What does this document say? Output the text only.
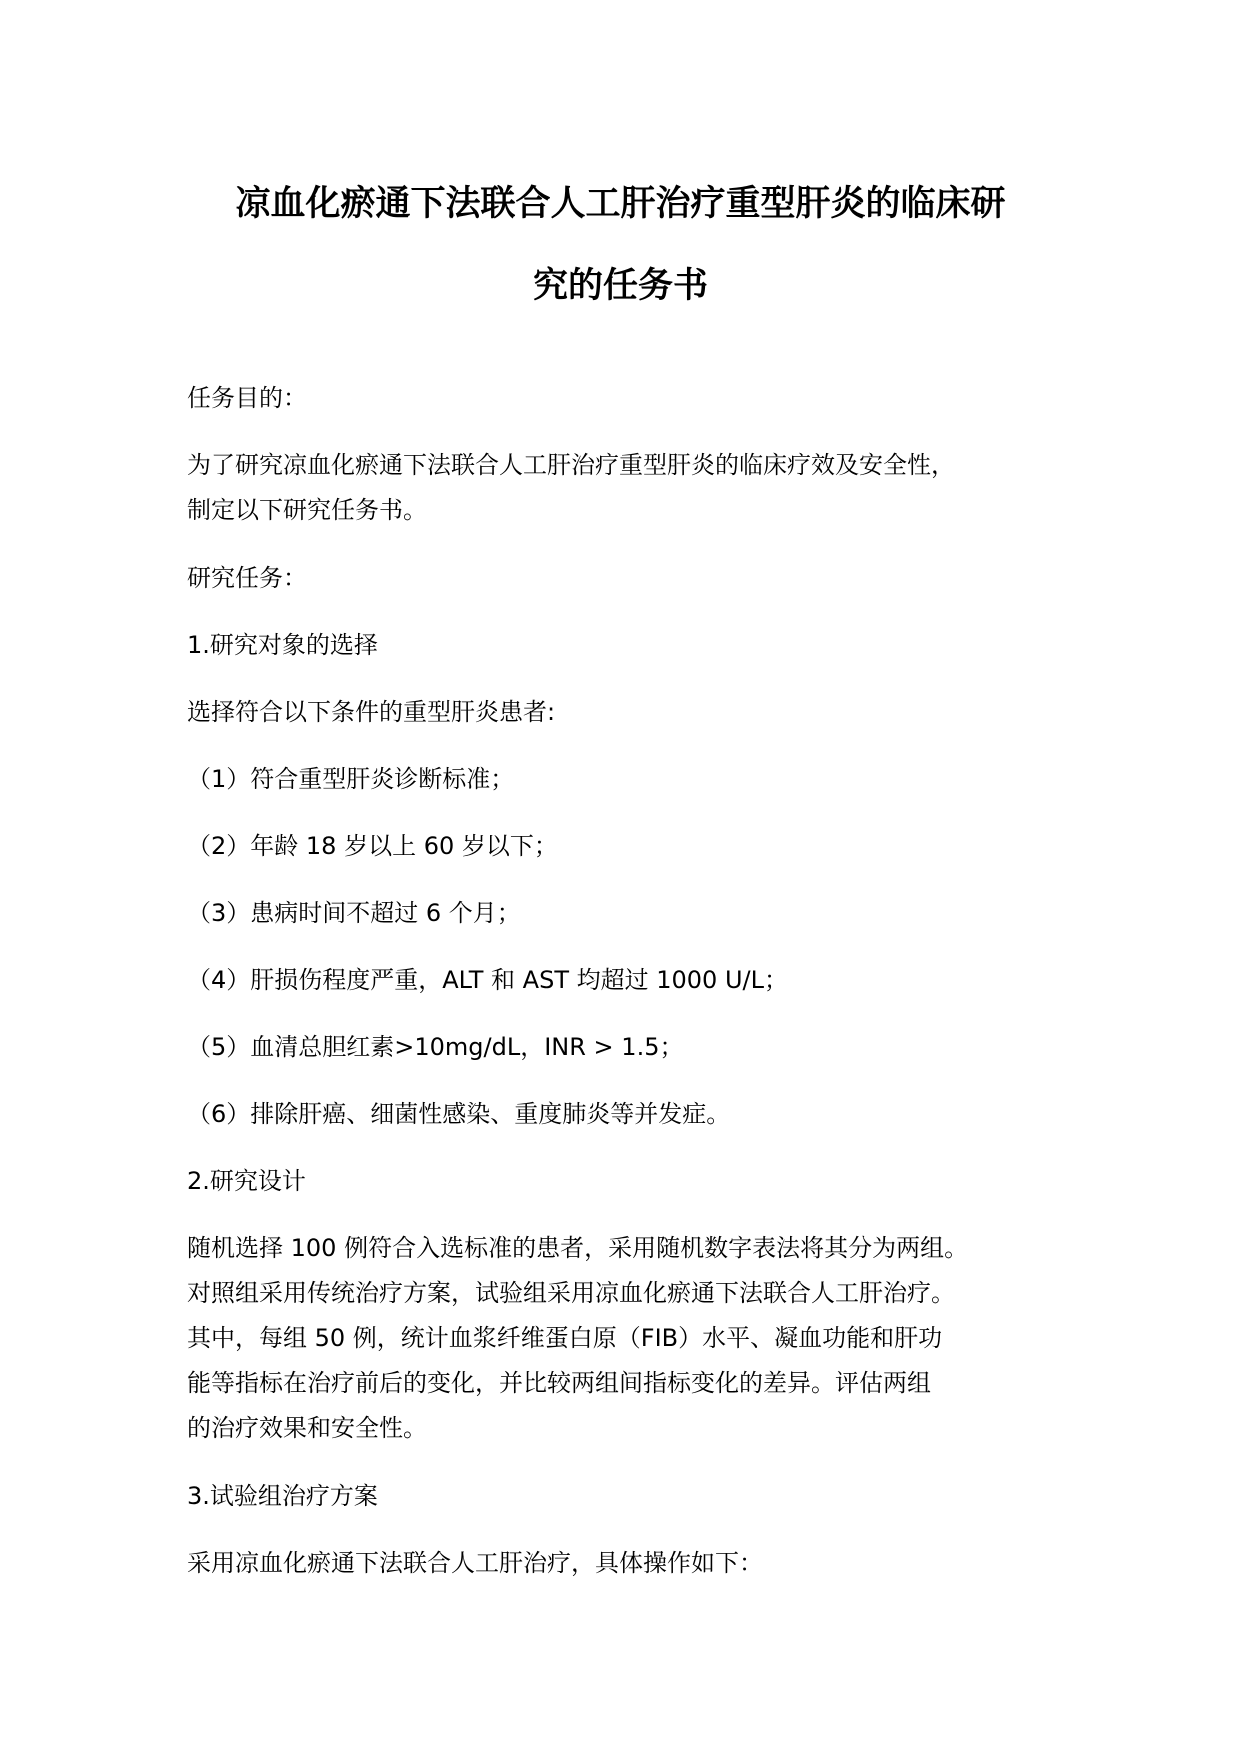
凉血化瘀通下法联合人工肝治疗重型肝炎的临床研
究的任务书

任务目的：

为了研究凉血化瘀通下法联合人工肝治疗重型肝炎的临床疗效及安全性，

制定以下研究任务书。

研究任务：

1.研究对象的选择

选择符合以下条件的重型肝炎患者:

（1）符合重型肝炎诊断标准；

（2）年龄 18 岁以上 60 岁以下；

（3）患病时间不超过 6 个月；

（4）肝损伤程度严重，ALT 和 AST 均超过 1000 U/L；

（5）血清总胆红素>10mg/dL，INR > 1.5；

（6）排除肝癌、细菌性感染、重度肺炎等并发症。

2.研究设计

随机选择 100 例符合入选标准的患者，采用随机数字表法将其分为两组。

对照组采用传统治疗方案，试验组采用凉血化瘀通下法联合人工肝治疗。

其中，每组 50 例，统计血浆纤维蛋白原（FIB）水平、凝血功能和肝功

能等指标在治疗前后的变化，并比较两组间指标变化的差异。评估两组

的治疗效果和安全性。

3.试验组治疗方案

采用凉血化瘀通下法联合人工肝治疗，具体操作如下：
